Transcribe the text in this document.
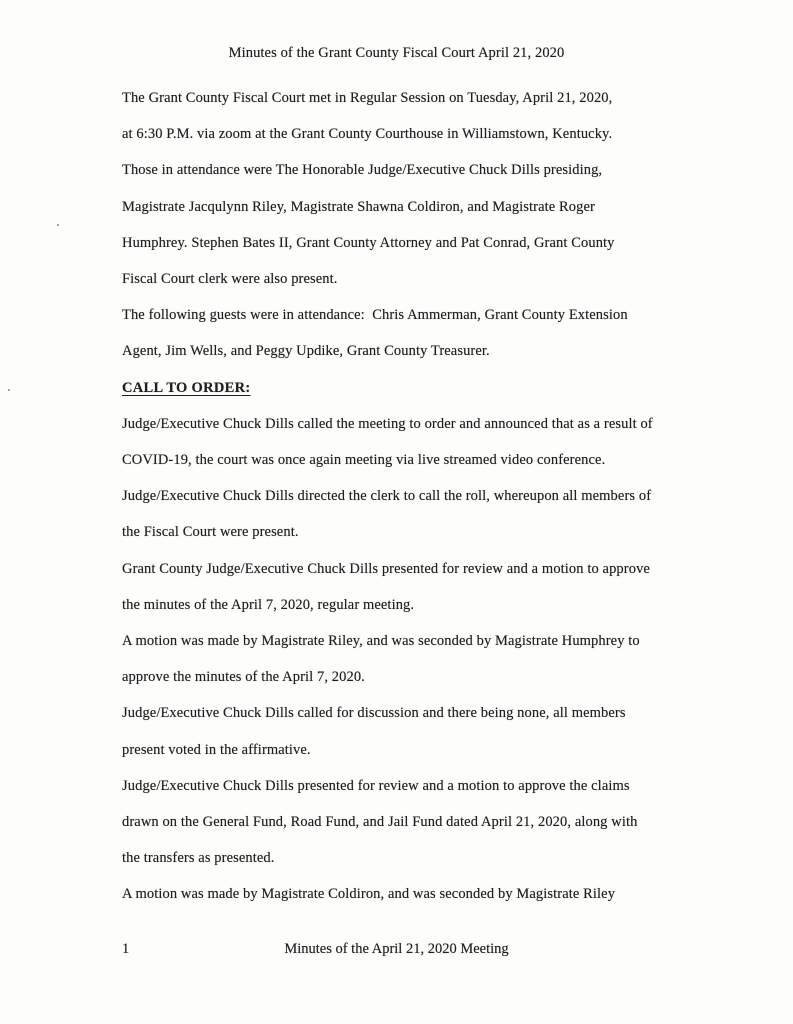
Minutes of the Grant County Fiscal Court April 21, 2020
The Grant County Fiscal Court met in Regular Session on Tuesday, April 21, 2020,
at 6:30 P.M. via zoom at the Grant County Courthouse in Williamstown, Kentucky.
Those in attendance were The Honorable Judge/Executive Chuck Dills presiding,
Magistrate Jacqulynn Riley, Magistrate Shawna Coldiron, and Magistrate Roger
Humphrey. Stephen Bates II, Grant County Attorney and Pat Conrad, Grant County
Fiscal Court clerk were also present.
The following guests were in attendance:  Chris Ammerman, Grant County Extension
Agent, Jim Wells, and Peggy Updike, Grant County Treasurer.
CALL TO ORDER:
Judge/Executive Chuck Dills called the meeting to order and announced that as a result of
COVID-19, the court was once again meeting via live streamed video conference.
Judge/Executive Chuck Dills directed the clerk to call the roll, whereupon all members of
the Fiscal Court were present.
Grant County Judge/Executive Chuck Dills presented for review and a motion to approve
the minutes of the April 7, 2020, regular meeting.
A motion was made by Magistrate Riley, and was seconded by Magistrate Humphrey to
approve the minutes of the April 7, 2020.
Judge/Executive Chuck Dills called for discussion and there being none, all members
present voted in the affirmative.
Judge/Executive Chuck Dills presented for review and a motion to approve the claims
drawn on the General Fund, Road Fund, and Jail Fund dated April 21, 2020, along with
the transfers as presented.
A motion was made by Magistrate Coldiron, and was seconded by Magistrate Riley
1	Minutes of the April 21, 2020 Meeting
